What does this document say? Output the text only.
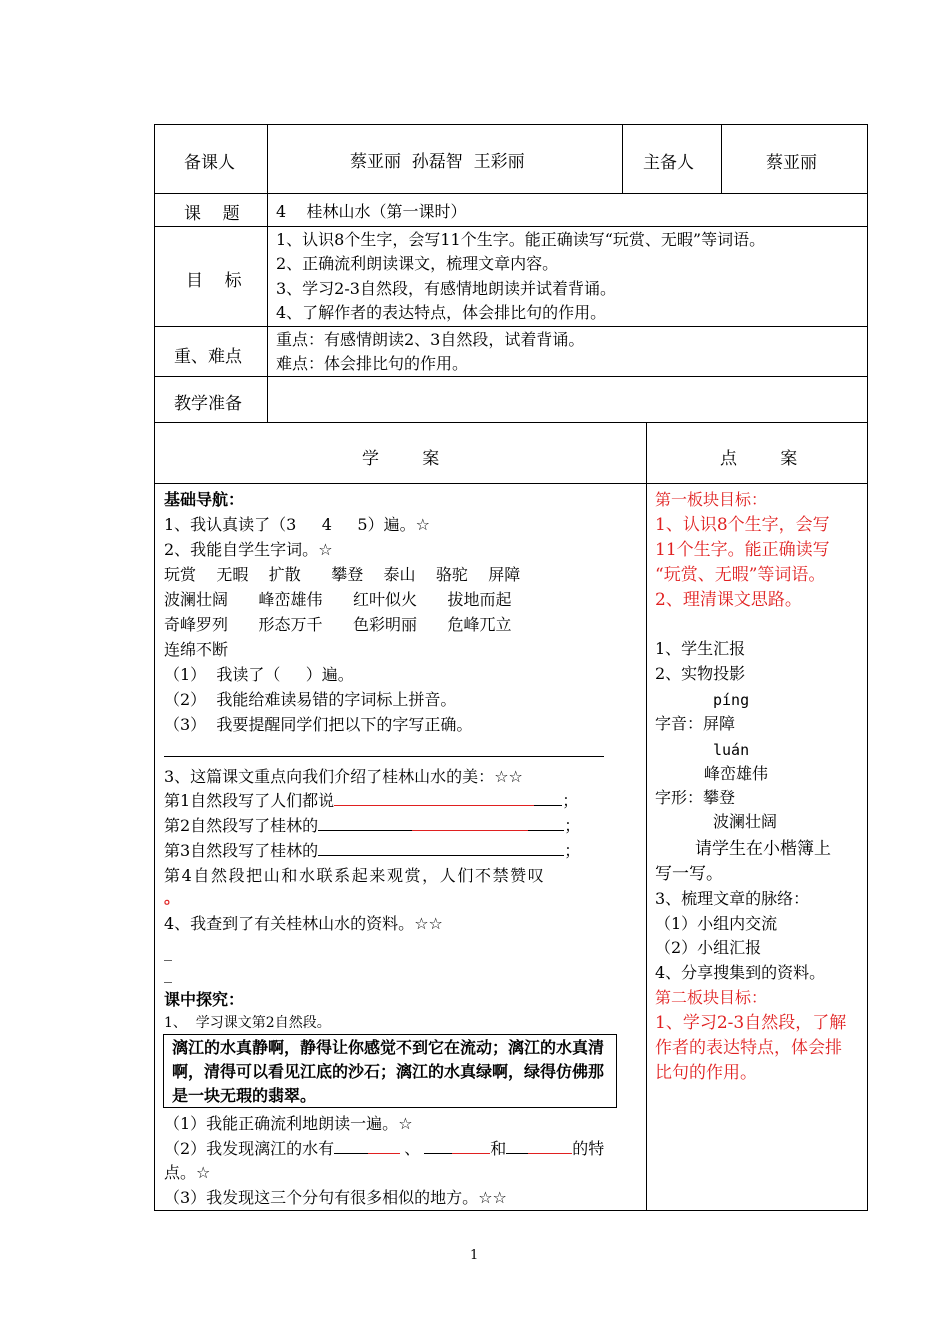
备课人	蔡亚丽  孙磊智  王彩丽	主备人	蔡亚丽
课    题 4    桂林山水（第一课时）
目    标
1、认识8个生字，会写11个生字。能正确读写“玩赏、无暇”等词语。
2、正确流利朗读课文，梳理文章内容。
3、学习2-3自然段，有感情地朗读并试着背诵。
4、了解作者的表达特点，体会排比句的作用。
重、难点
重点：有感情朗读2、3自然段，试着背诵。
难点：体会排比句的作用。
教学准备
学        案	点        案
基础导航：
1、我认真读了（3     4     5）遍。☆
2、我能自学生字词。☆
玩赏    无暇    扩散      攀登    泰山    骆驼    屏障
波澜壮阔      峰峦雄伟      红叶似火      拔地而起
奇峰罗列      形态万千      色彩明丽      危峰兀立
连绵不断
（1）  我读了（     ）遍。
（2）  我能给难读易错的字词标上拼音。
（3）  我要提醒同学们把以下的字写正确。
3、这篇课文重点向我们介绍了桂林山水的美：☆☆
第1自然段写了人们都说	；
第2自然段写了桂林的	；
第3自然段写了桂林的	；
第4自然段把山和水联系起来观赏，人们不禁赞叹
。
4、我查到了有关桂林山水的资料。☆☆
_
_
课中探究：
1、  学习课文第2自然段。
漓江的水真静啊，静得让你感觉不到它在流动；漓江的水真清啊，清得可以看见江底的沙石；漓江的水真绿啊，绿得仿佛那是一块无瑕的翡翠。
（1）我能正确流利地朗读一遍。☆
（2）我发现漓江的水有	、	和	的特
点。☆
（3）我发现这三个分句有很多相似的地方。☆☆
第一板块目标：
1、认识8个生字，会写
11个生字。能正确读写
“玩赏、无暇”等词语。
2、理清课文思路。
1、学生汇报
2、实物投影
píng
字音：屏障
luán
峰峦雄伟
字形：攀登
波澜壮阔
请学生在小楷簿上
写一写。
3、梳理文章的脉络：
（1）小组内交流
（2）小组汇报
4、分享搜集到的资料。
第二板块目标：
1、学习2-3自然段，了解
作者的表达特点，体会排
比句的作用。
1
